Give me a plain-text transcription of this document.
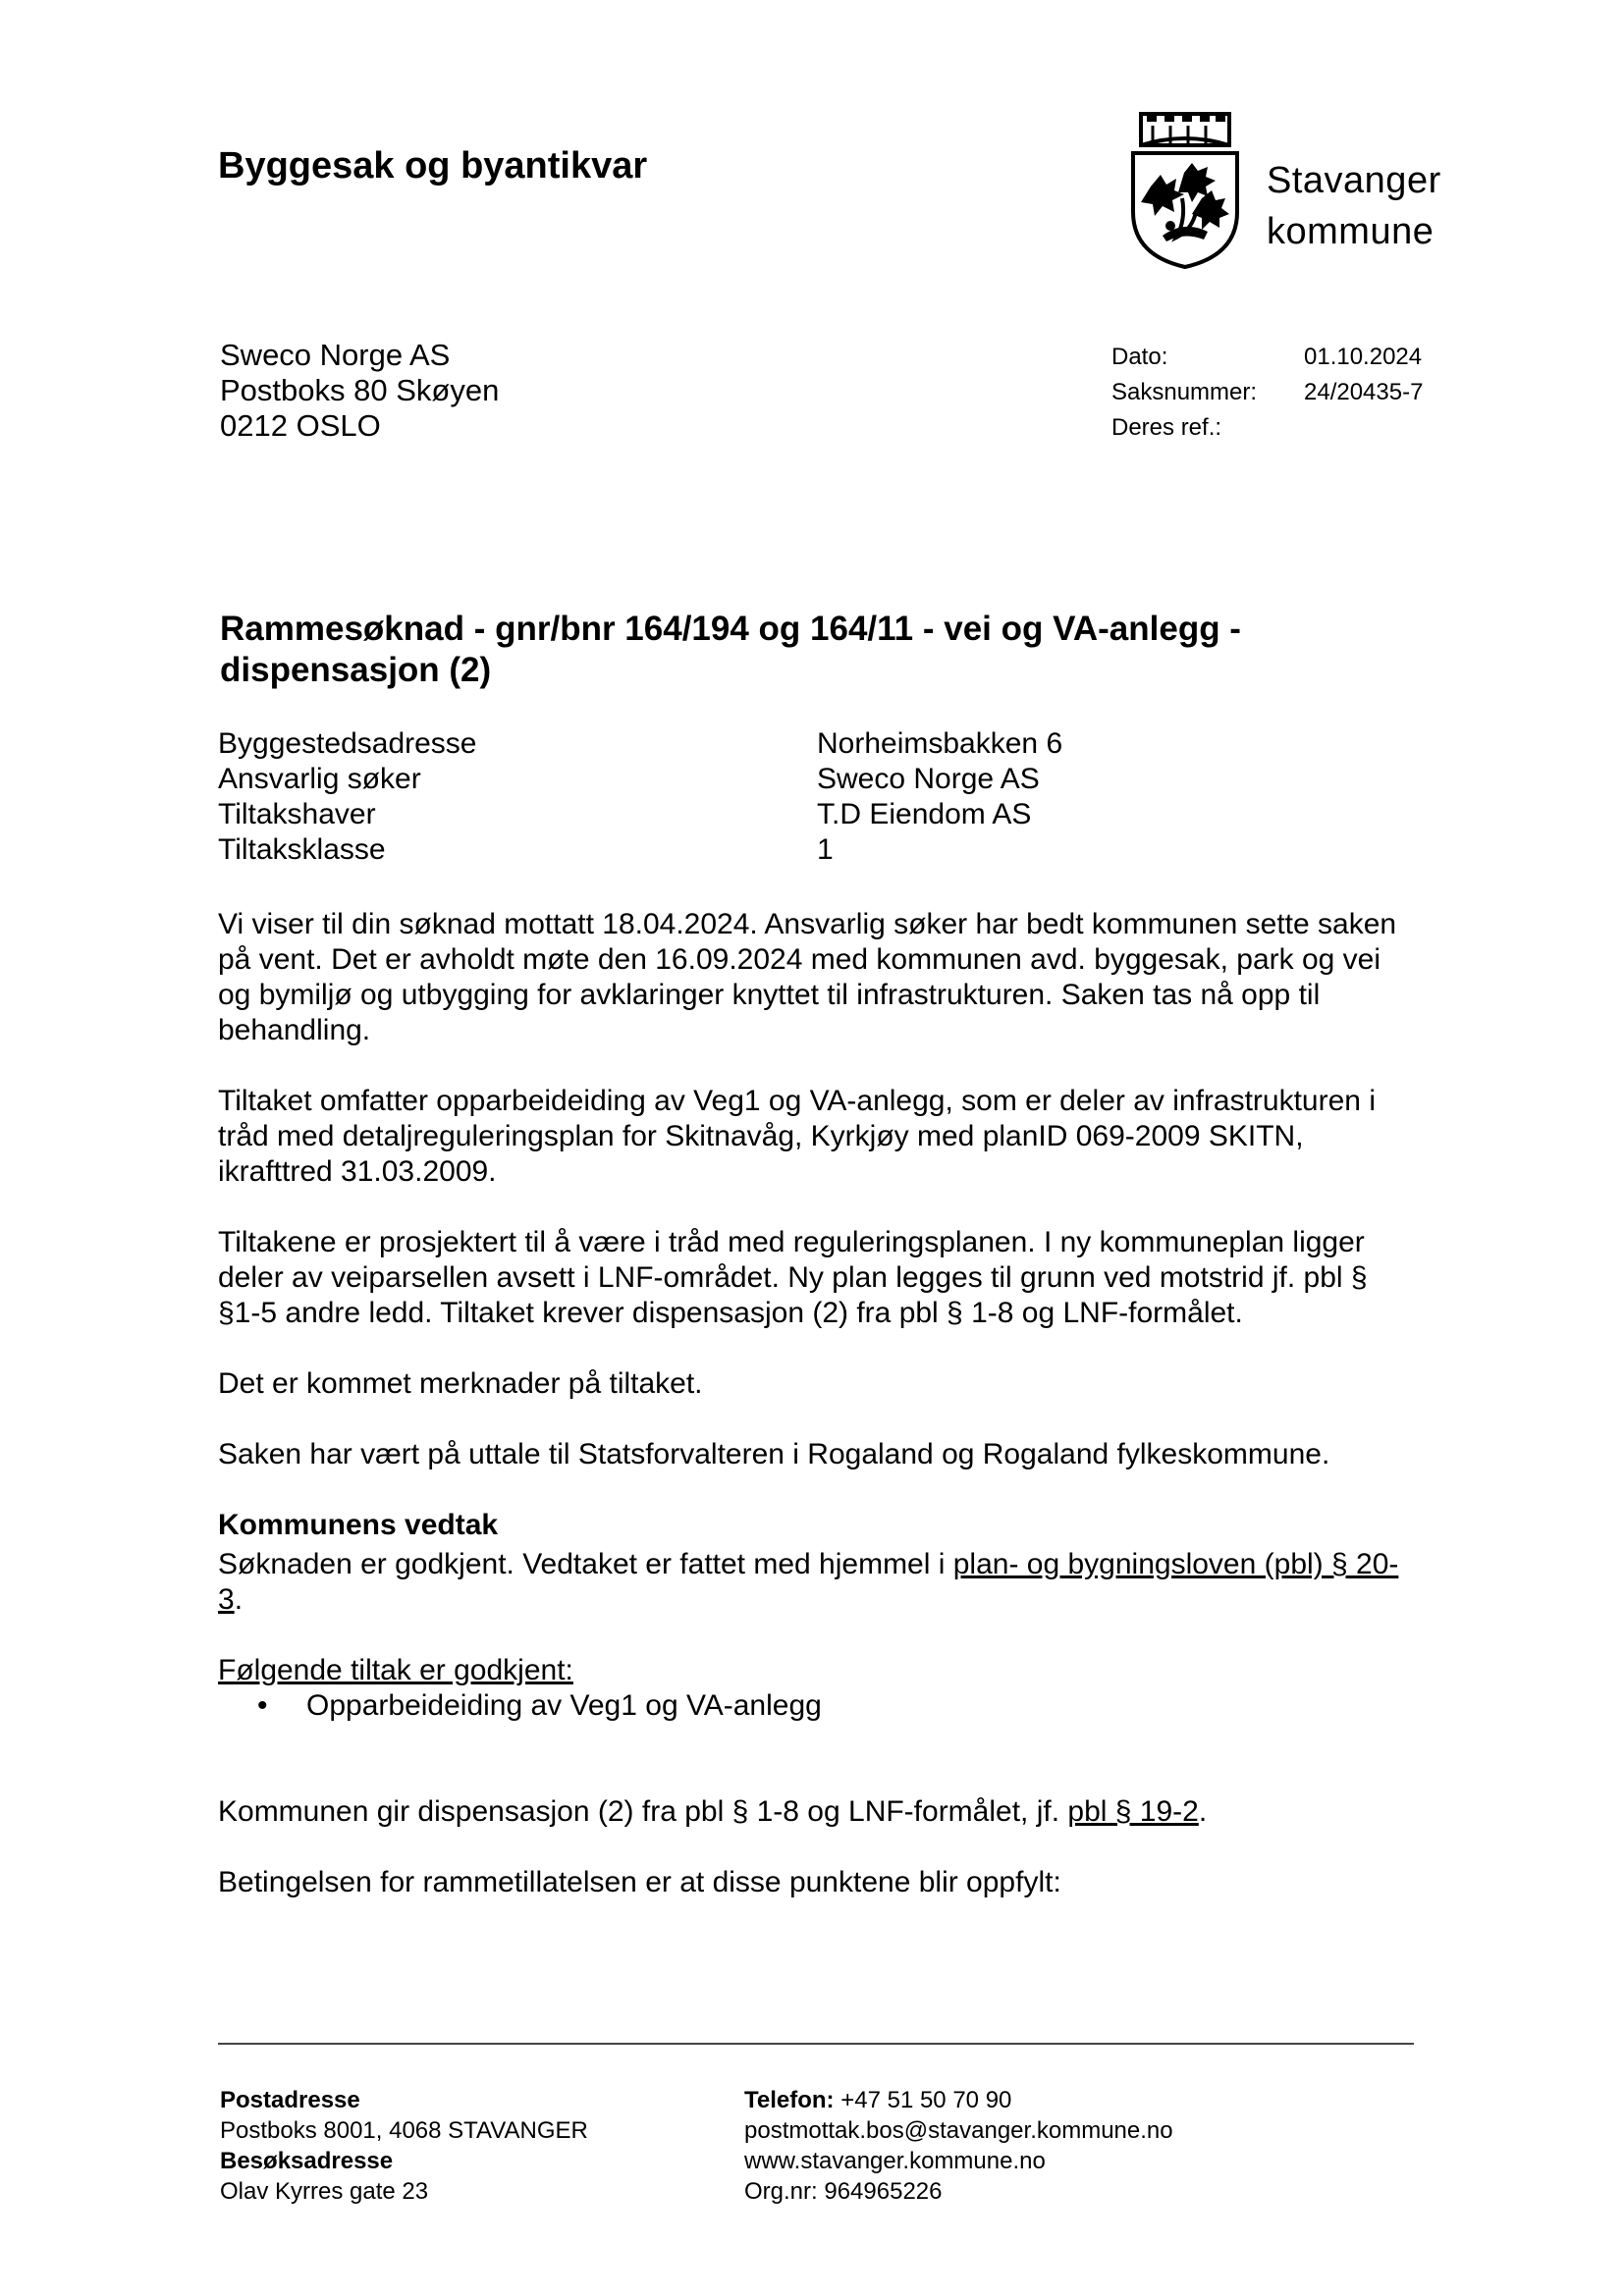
Byggesak og byantikvar	Stavanger
kommune
Sweco Norge AS
Postboks 80 Skøyen
0212 OSLO
Dato:	01.10.2024
Saksnummer:	24/20435-7
Deres ref.:
Rammesøknad - gnr/bnr 164/194 og 164/11 - vei og VA-anlegg - dispensasjon (2)
Byggestedsadresse	Norheimsbakken 6
Ansvarlig søker	Sweco Norge AS
Tiltakshaver	T.D Eiendom AS
Tiltaksklasse	1

Vi viser til din søknad mottatt 18.04.2024. Ansvarlig søker har bedt kommunen sette saken på vent. Det er avholdt møte den 16.09.2024 med kommunen avd. byggesak, park og vei og bymiljø og utbygging for avklaringer knyttet til infrastrukturen. Saken tas nå opp til behandling.

Tiltaket omfatter opparbeideiding av Veg1 og VA-anlegg, som er deler av infrastrukturen i tråd med detaljreguleringsplan for Skitnavåg, Kyrkjøy med planID 069-2009 SKITN, ikrafttred 31.03.2009.

Tiltakene er prosjektert til å være i tråd med reguleringsplanen. I ny kommuneplan ligger deler av veiparsellen avsett i LNF-området. Ny plan legges til grunn ved motstrid jf. pbl § §1-5 andre ledd. Tiltaket krever dispensasjon (2) fra pbl § 1-8 og LNF-formålet.

Det er kommet merknader på tiltaket.

Saken har vært på uttale til Statsforvalteren i Rogaland og Rogaland fylkeskommune.

Kommunens vedtak

Søknaden er godkjent. Vedtaket er fattet med hjemmel i plan- og bygningsloven (pbl) § 20-3.

Følgende tiltak er godkjent:
• Opparbeideiding av Veg1 og VA-anlegg

Kommunen gir dispensasjon (2) fra pbl § 1-8 og LNF-formålet, jf. pbl § 19-2.

Betingelsen for rammetillatelsen er at disse punktene blir oppfylt:

Postadresse
Postboks 8001, 4068 STAVANGER
Besøksadresse
Olav Kyrres gate 23
Telefon: +47 51 50 70 90
postmottak.bos@stavanger.kommune.no
www.stavanger.kommune.no
Org.nr: 964965226
